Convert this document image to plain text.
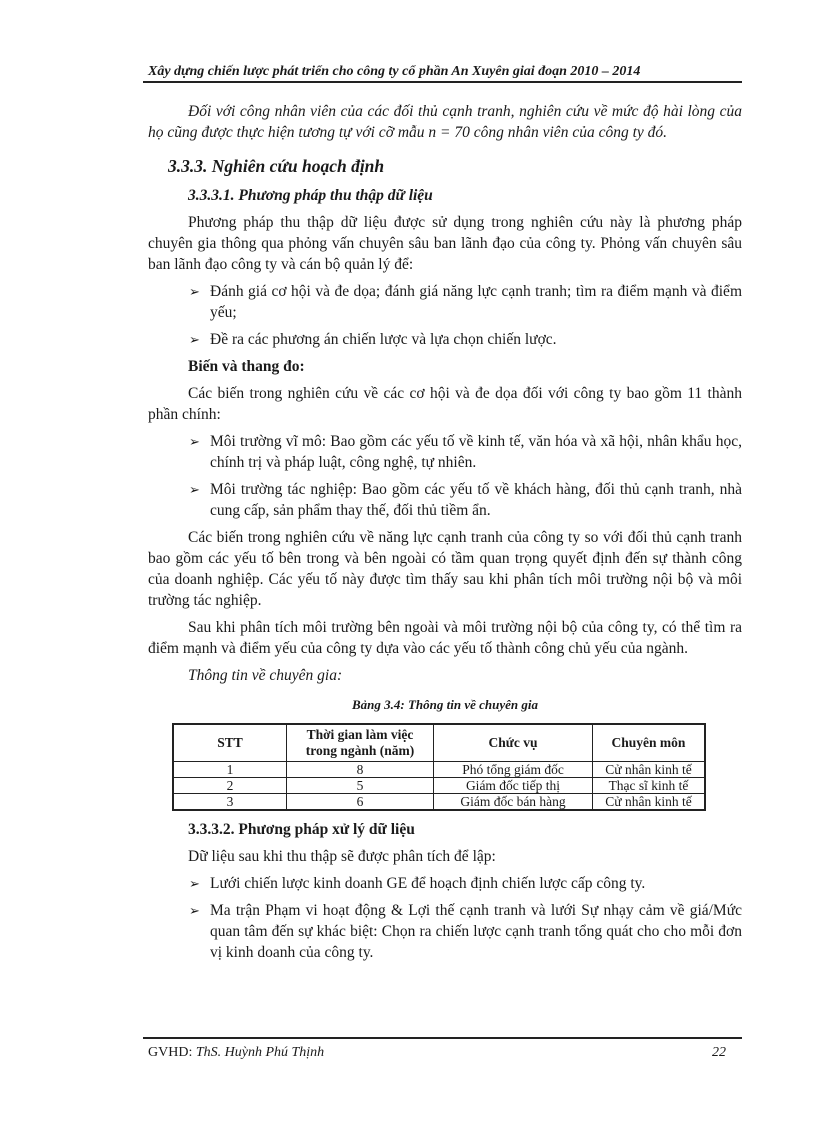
Xây dựng chiến lược phát triển cho công ty cổ phần An Xuyên giai đoạn 2010 – 2014

Đối với công nhân viên của các đối thủ cạnh tranh, nghiên cứu về mức độ hài lòng của họ cũng được thực hiện tương tự với cỡ mẫu n = 70 công nhân viên của công ty đó.

3.3.3. Nghiên cứu hoạch định

3.3.3.1. Phương pháp thu thập dữ liệu

Phương pháp thu thập dữ liệu được sử dụng trong nghiên cứu này là phương pháp chuyên gia thông qua phỏng vấn chuyên sâu ban lãnh đạo của công ty. Phỏng vấn chuyên sâu ban lãnh đạo công ty và cán bộ quản lý để:

➢ Đánh giá cơ hội và đe dọa; đánh giá năng lực cạnh tranh; tìm ra điểm mạnh và điểm yếu;
➢ Đề ra các phương án chiến lược và lựa chọn chiến lược.

Biến và thang đo:

Các biến trong nghiên cứu về các cơ hội và đe dọa đối với công ty bao gồm 11 thành phần chính:

➢ Môi trường vĩ mô: Bao gồm các yếu tố về kinh tế, văn hóa và xã hội, nhân khẩu học, chính trị và pháp luật, công nghệ, tự nhiên.
➢ Môi trường tác nghiệp: Bao gồm các yếu tố về khách hàng, đối thủ cạnh tranh, nhà cung cấp, sản phẩm thay thế, đối thủ tiềm ẩn.

Các biến trong nghiên cứu về năng lực cạnh tranh của công ty so với đối thủ cạnh tranh bao gồm các yếu tố bên trong và bên ngoài có tầm quan trọng quyết định đến sự thành công của doanh nghiệp. Các yếu tố này được tìm thấy sau khi phân tích môi trường nội bộ và môi trường tác nghiệp.

Sau khi phân tích môi trường bên ngoài và môi trường nội bộ của công ty, có thể tìm ra điểm mạnh và điểm yếu của công ty dựa vào các yếu tố thành công chủ yếu của ngành.

Thông tin về chuyên gia:

Bảng 3.4: Thông tin về chuyên gia

STT	Thời gian làm việc trong ngành (năm)	Chức vụ	Chuyên môn
1	8	Phó tổng giám đốc	Cử nhân kinh tế
2	5	Giám đốc tiếp thị	Thạc sĩ kinh tế
3	6	Giám đốc bán hàng	Cử nhân kinh tế

3.3.3.2. Phương pháp xử lý dữ liệu

Dữ liệu sau khi thu thập sẽ được phân tích để lập:

➢ Lưới chiến lược kinh doanh GE để hoạch định chiến lược cấp công ty.
➢ Ma trận Phạm vi hoạt động & Lợi thế cạnh tranh và lưới Sự nhạy cảm về giá/Mức quan tâm đến sự khác biệt: Chọn ra chiến lược cạnh tranh tổng quát cho cho mỗi đơn vị kinh doanh của công ty.
GVHD: ThS. Huỳnh Phú Thịnh	22
